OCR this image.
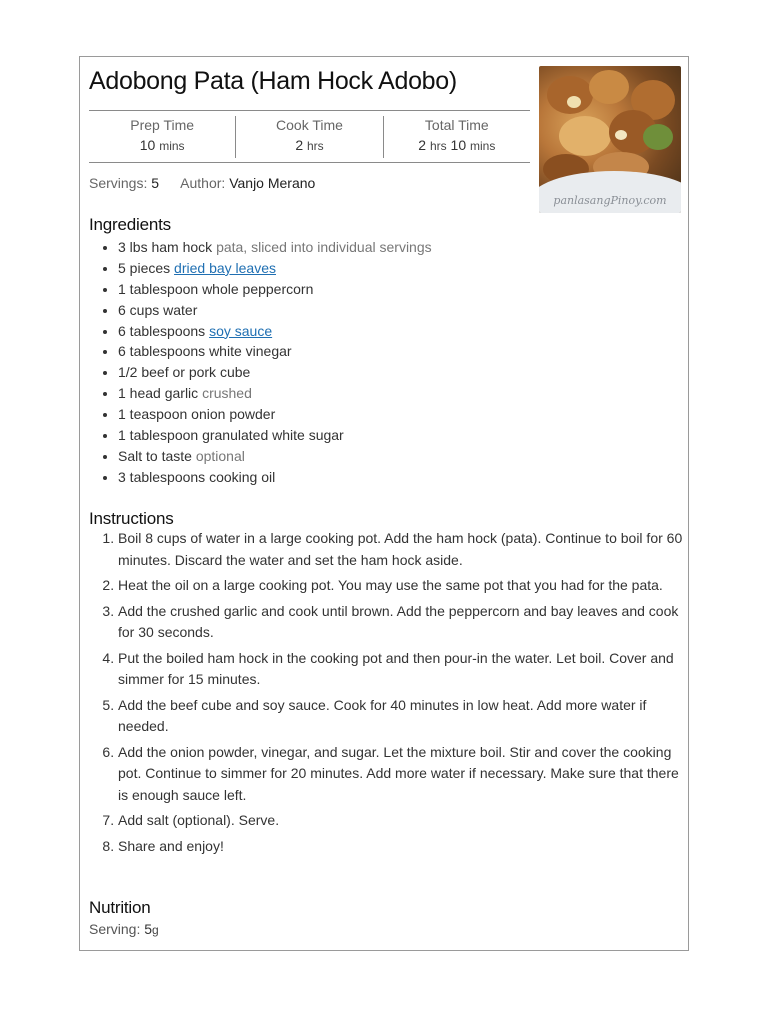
Adobong Pata (Ham Hock Adobo)
Prep Time
10 mins
Cook Time
2 hrs
Total Time
2 hrs 10 mins
Servings: 5 Author: Vanjo Merano
panlasangPinoy.com
Ingredients
• 3 lbs ham hock pata, sliced into individual servings
• 5 pieces dried bay leaves
• 1 tablespoon whole peppercorn
• 6 cups water
• 6 tablespoons soy sauce
• 6 tablespoons white vinegar
• 1/2 beef or pork cube
• 1 head garlic crushed
• 1 teaspoon onion powder
• 1 tablespoon granulated white sugar
• Salt to taste optional
• 3 tablespoons cooking oil
Instructions
1. Boil 8 cups of water in a large cooking pot. Add the ham hock (pata). Continue to boil for 60 minutes. Discard the water and set the ham hock aside.
2. Heat the oil on a large cooking pot. You may use the same pot that you had for the pata.
3. Add the crushed garlic and cook until brown. Add the peppercorn and bay leaves and cook for 30 seconds.
4. Put the boiled ham hock in the cooking pot and then pour-in the water. Let boil. Cover and simmer for 15 minutes.
5. Add the beef cube and soy sauce. Cook for 40 minutes in low heat. Add more water if needed.
6. Add the onion powder, vinegar, and sugar. Let the mixture boil. Stir and cover the cooking pot. Continue to simmer for 20 minutes. Add more water if necessary. Make sure that there is enough sauce left.
7. Add salt (optional). Serve.
8. Share and enjoy!
Nutrition
Serving: 5g
